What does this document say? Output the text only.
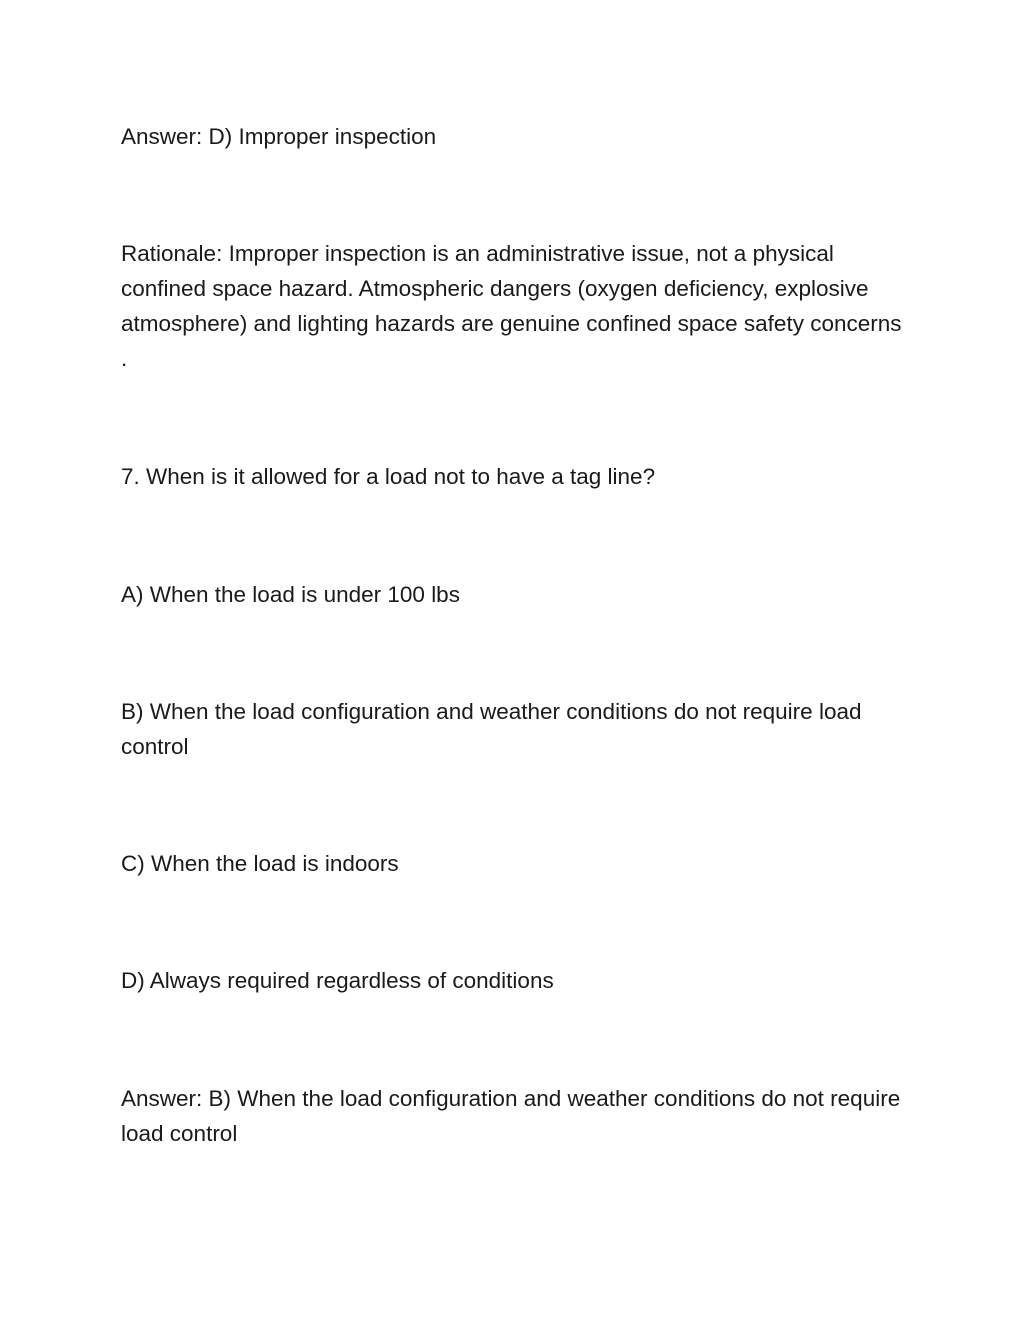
Answer: D) Improper inspection

Rationale: Improper inspection is an administrative issue, not a physical confined space hazard. Atmospheric dangers (oxygen deficiency, explosive atmosphere) and lighting hazards are genuine confined space safety concerns .

7. When is it allowed for a load not to have a tag line?

A) When the load is under 100 lbs

B) When the load configuration and weather conditions do not require load control

C) When the load is indoors

D) Always required regardless of conditions

Answer: B) When the load configuration and weather conditions do not require load control
